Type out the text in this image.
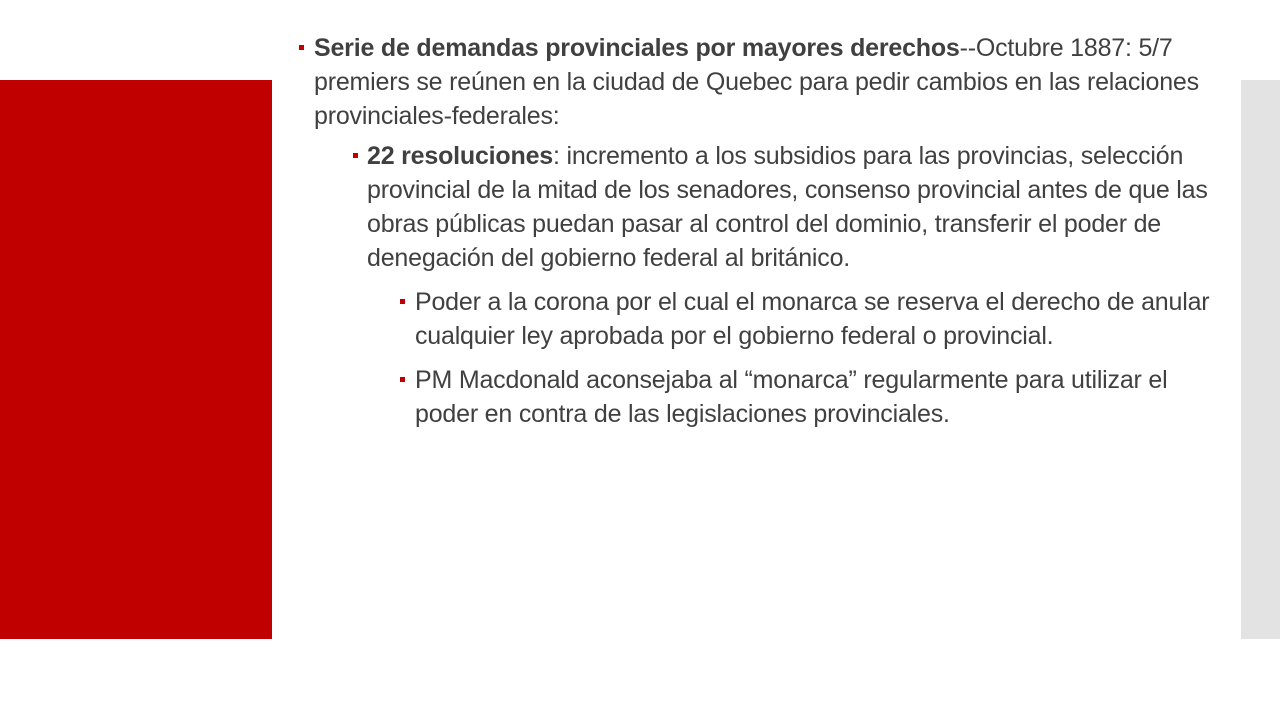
Serie de demandas provinciales por mayores derechos--Octubre 1887: 5/7 premiers se reúnen en la ciudad de Quebec para pedir cambios en las relaciones provinciales-federales:
22 resoluciones: incremento a los subsidios para las provincias, selección provincial de la mitad de los senadores, consenso provincial antes de que las obras públicas puedan pasar al control del dominio, transferir el poder de denegación del gobierno federal al británico.
Poder a la corona por el cual el monarca se reserva el derecho de anular cualquier ley aprobada por el gobierno federal o provincial.
PM Macdonald aconsejaba al “monarca” regularmente para utilizar el poder en contra de las legislaciones provinciales.
